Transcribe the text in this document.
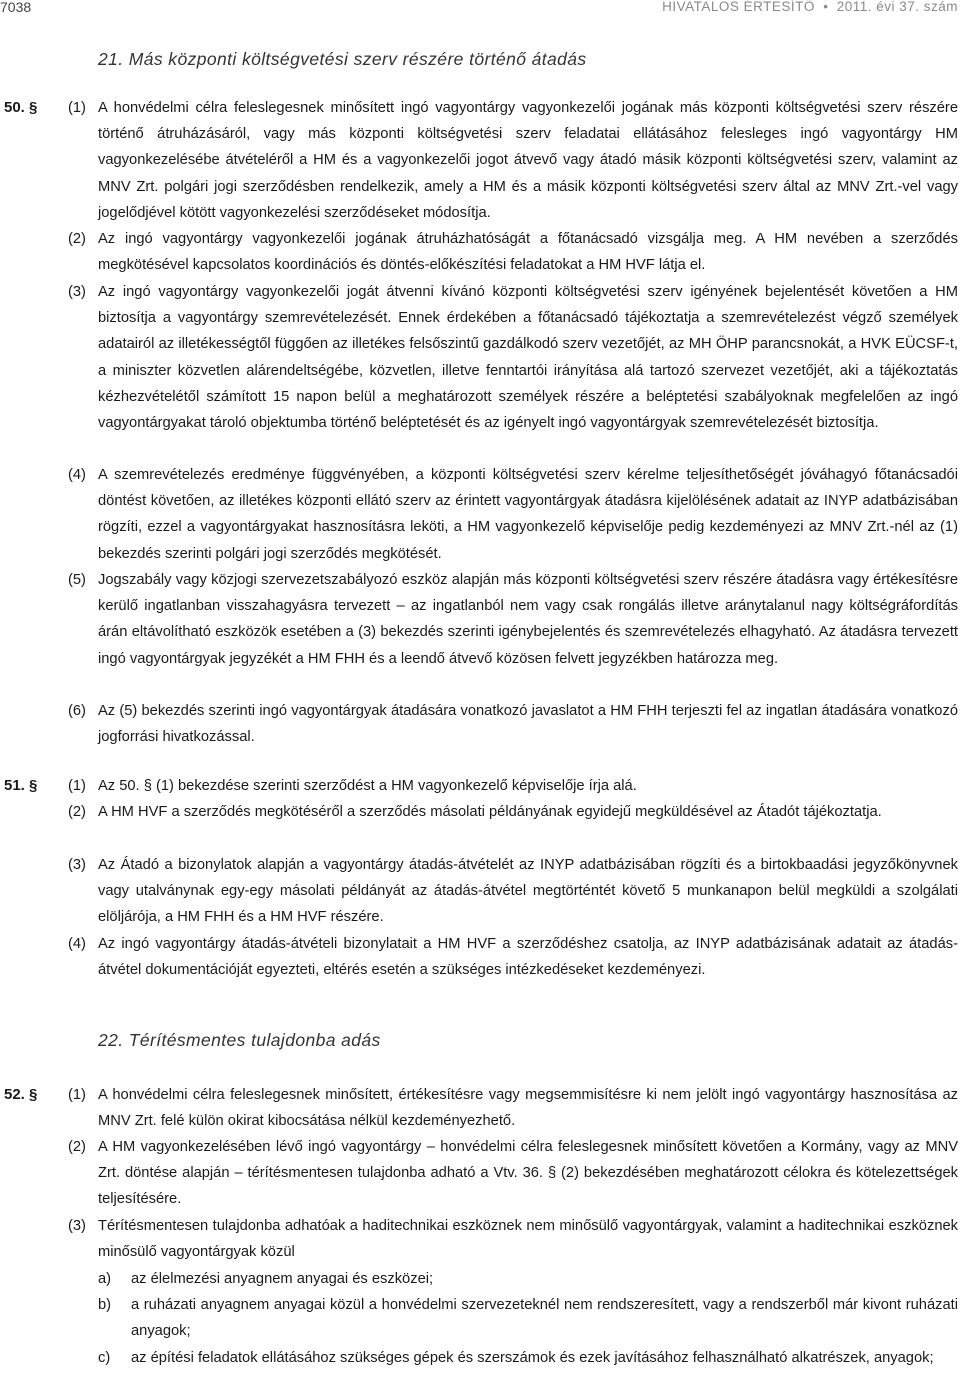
7038	HIVATALOS ÉRTESÍTŐ • 2011. évi 37. szám
21. Más központi költségvetési szerv részére történő átadás
50. § (1) A honvédelmi célra feleslegesnek minősített ingó vagyontárgy vagyonkezelői jogának más központi költségvetési szerv részére történő átruházásáról, vagy más központi költségvetési szerv feladatai ellátásához felesleges ingó vagyontárgy HM vagyonkezelésébe átvételéről a HM és a vagyonkezelői jogot átvevő vagy átadó másik központi költségvetési szerv, valamint az MNV Zrt. polgári jogi szerződésben rendelkezik, amely a HM és a másik központi költségvetési szerv által az MNV Zrt.-vel vagy jogelődjével kötött vagyonkezelési szerződéseket módosítja.
(2) Az ingó vagyontárgy vagyonkezelői jogának átruházhatóságát a főtanácsadó vizsgálja meg. A HM nevében a szerződés megkötésével kapcsolatos koordinációs és döntés-előkészítési feladatokat a HM HVF látja el.
(3) Az ingó vagyontárgy vagyonkezelői jogát átvenni kívánó központi költségvetési szerv igényének bejelentését követően a HM biztosítja a vagyontárgy szemrevételezését. Ennek érdekében a főtanácsadó tájékoztatja a szemrevételezést végző személyek adatairól az illetékességtől függően az illetékes felsőszintű gazdálkodó szerv vezetőjét, az MH ÖHP parancsnokát, a HVK EÜCSF-t, a miniszter közvetlen alárendeltségébe, közvetlen, illetve fenntartói irányítása alá tartozó szervezet vezetőjét, aki a tájékoztatás kézhezvételétől számított 15 napon belül a meghatározott személyek részére a beléptetési szabályoknak megfelelően az ingó vagyontárgyakat tároló objektumba történő beléptetését és az igényelt ingó vagyontárgyak szemrevételezését biztosítja.
(4) A szemrevételezés eredménye függvényében, a központi költségvetési szerv kérelme teljesíthetőségét jóváhagyó főtanácsadói döntést követően, az illetékes központi ellátó szerv az érintett vagyontárgyak átadásra kijelölésének adatait az INYP adatbázisában rögzíti, ezzel a vagyontárgyakat hasznosításra leköti, a HM vagyonkezelő képviselője pedig kezdeményezi az MNV Zrt.-nél az (1) bekezdés szerinti polgári jogi szerződés megkötését.
(5) Jogszabály vagy közjogi szervezetszabályozó eszköz alapján más központi költségvetési szerv részére átadásra vagy értékesítésre kerülő ingatlanban visszahagyásra tervezett – az ingatlanból nem vagy csak rongálás illetve aránytalanul nagy költségráfordítás árán eltávolítható eszközök esetében a (3) bekezdés szerinti igénybejelentés és szemrevételezés elhagyható. Az átadásra tervezett ingó vagyontárgyak jegyzékét a HM FHH és a leendő átvevő közösen felvett jegyzékben határozza meg.
(6) Az (5) bekezdés szerinti ingó vagyontárgyak átadására vonatkozó javaslatot a HM FHH terjeszti fel az ingatlan átadására vonatkozó jogforrási hivatkozással.
51. § (1) Az 50. § (1) bekezdése szerinti szerződést a HM vagyonkezelő képviselője írja alá.
(2) A HM HVF a szerződés megkötéséről a szerződés másolati példányának egyidejű megküldésével az Átadót tájékoztatja.
(3) Az Átadó a bizonylatok alapján a vagyontárgy átadás-átvételét az INYP adatbázisában rögzíti és a birtokbaadási jegyzőkönyvnek vagy utalványnak egy-egy másolati példányát az átadás-átvétel megtörténtét követő 5 munkanapon belül megküldi a szolgálati elöljárója, a HM FHH és a HM HVF részére.
(4) Az ingó vagyontárgy átadás-átvételi bizonylatait a HM HVF a szerződéshez csatolja, az INYP adatbázisának adatait az átadás-átvétel dokumentációját egyezteti, eltérés esetén a szükséges intézkedéseket kezdeményezi.
22. Térítésmentes tulajdonba adás
52. § (1) A honvédelmi célra feleslegesnek minősített, értékesítésre vagy megsemmisítésre ki nem jelölt ingó vagyontárgy hasznosítása az MNV Zrt. felé külön okirat kibocsátása nélkül kezdeményezhető.
(2) A HM vagyonkezelésében lévő ingó vagyontárgy – honvédelmi célra feleslegesnek minősített követően a Kormány, vagy az MNV Zrt. döntése alapján – térítésmentesen tulajdonba adható a Vtv. 36. § (2) bekezdésében meghatározott célokra és kötelezettségek teljesítésére.
(3) Térítésmentesen tulajdonba adhatóak a haditechnikai eszköznek nem minősülő vagyontárgyak, valamint a haditechnikai eszköznek minősülő vagyontárgyak közül
a) az élelmezési anyagnem anyagai és eszközei;
b) a ruházati anyagnem anyagai közül a honvédelmi szervezeteknél nem rendszeresített, vagy a rendszerből már kivont ruházati anyagok;
c) az építési feladatok ellátásához szükséges gépek és szerszámok és ezek javításához felhasználható alkatrészek, anyagok;
